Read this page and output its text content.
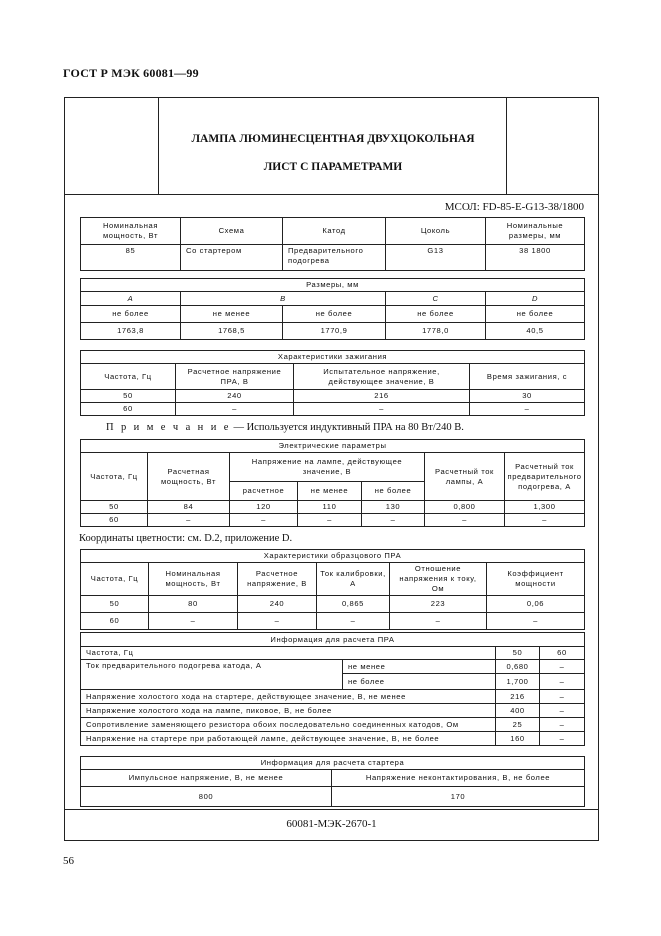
ГОСТ Р МЭК 60081—99
ЛАМПА ЛЮМИНЕСЦЕНТНАЯ ДВУХЦОКОЛЬНАЯ
ЛИСТ С ПАРАМЕТРАМИ
МСОЛ: FD-85-E-G13-38/1800
60081-МЭК-2670-1
Номинальная мощность, Вт	Схема	Катод	Цоколь	Номинальные размеры, мм
85	Со стартером	Предварительного подогрева	G13	38 1800
Размеры, мм				
A	B		C	D
не более	не менее	не более	не более	не более
1763,8	1768,5	1770,9	1778,0	40,5
Характеристики зажигания			
Частота, Гц	Расчетное напряжение ПРА, В	Испытательное напряжение, действующее значение, В	Время зажигания, с
50	240	216	30
60	–	–	–
П р и м е ч а н и е — Используется индуктивный ПРА на 80 Вт/240 В.
Электрические параметры						
Частота, Гц	Расчетная мощность, Вт	Напряжение на лампе, действующее значение, В			Расчетный ток лампы, А	Расчетный ток предварительного подогрева, А
		расчетное	не менее	не более		
50	84	120	110	130	0,800	1,300
60	–	–	–	–	–	–
Координаты цветности: см. D.2, приложение D.
Характеристики образцового ПРА					
Частота, Гц	Номинальная мощность, Вт	Расчетное напряжение, В	Ток калибровки, А	Отношение напряжения к току, Ом	Коэффициент мощности
50	80	240	0,865	223	0,06
60	–	–	–	–	–
Информация для расчета ПРА			
Частота, Гц		50	60
Ток предварительного подогрева катода, А	не менее	0,680	–
	не более	1,700	–
Напряжение холостого хода на стартере, действующее значение, В, не менее		216	–
Напряжение холостого хода на лампе, пиковое, В, не более		400	–
Сопротивление заменяющего резистора обоих последовательно соединенных катодов, Ом		25	–
Напряжение на стартере при работающей лампе, действующее значение, В, не более		160	–
Информация для расчета стартера	
Импульсное напряжение, В, не менее	Напряжение неконтактирования, В, не более
800	170
56
